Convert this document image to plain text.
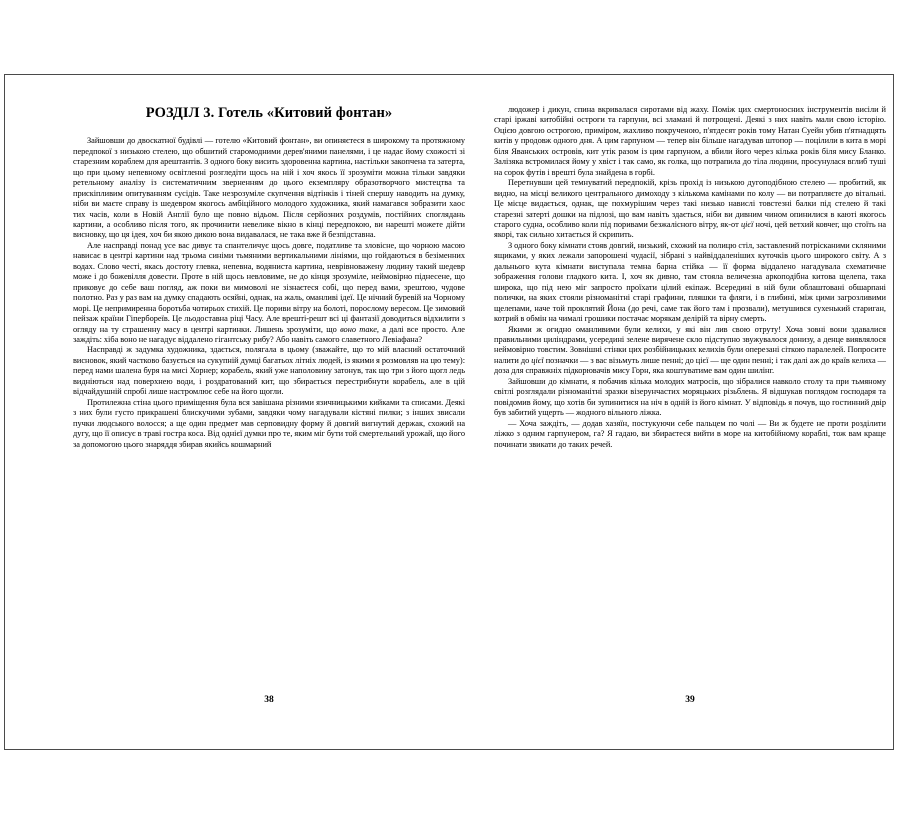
РОЗДІЛ 3. Готель «Китовий фонтан»

Зайшовши до двоскатної будівлі — готелю «Китовий фонтан», ви опиняєтеся в широкому та протяжному передпокої з низькою стелею, що обшитий старомодними дерев'яними панелями, і це надає йому схожості зі старезним кораблем для арештантів. З одного боку висить здоровенна картина, настільки закопчена та затерта, що при цьому непевному освітленні розгледіти щось на ній і хоч якось її зрозуміти можна тільки завдяки ретельному аналізу із систематичним зверненням до цього екземпляру образотворчого мистецтва та прискіпливим опитуванням сусідів. Таке незрозуміле скупчення відтінків і тіней спершу наводить на думку, ніби ви маєте справу із шедевром якогось амбіційного молодого художника, який намагався зобразити хаос тих часів, коли в Новій Англії було ще повно відьом. Після серйозних роздумів, постійних споглядань картини, а особливо після того, як прочинити невелике вікно в кінці передпокою, ви нарешті можете дійти висновку, що ця ідея, хоч би якою дикою вона видавалася, не така вже й безпідставна.

Але насправді понад усе вас дивує та спантеличує щось довге, податливе та зловісне, що чорною масою нависає в центрі картини над трьома синіми тьмяними вертикальними лініями, що гойдаються в безіменних водах. Слово честі, якась достоту глевка, непевна, водяниста картина, неврівноважену людину такий шедевр може і до божевілля довести. Проте в ній щось невловиме, не до кінця зрозуміле, неймовірно піднесене, що приковує до себе ваш погляд, аж поки ви мимоволі не зізнаєтеся собі, що перед вами, зрештою, чудове полотно. Раз у раз вам на думку спадають осяйні, однак, на жаль, оманливі ідеї. Це нічний буревій на Чорному морі. Це непримиренна боротьба чотирьох стихій. Це пориви вітру на болоті, порослому вересом. Це зимовий пейзаж країни Гіпербореїв. Це льодоставна ріці Часу. Але врешті-решт всі ці фантазії доводиться відхилити з огляду на ту страшенну масу в центрі картинки. Лишень зрозуміти, що воно таке, а далі все просто. Але заждіть: хіба воно не нагадує віддалено гігантську рибу? Або навіть самого славетного Левіафана?

Насправді ж задумка художника, здається, полягала в цьому (зважайте, що то мій власний остаточний висновок, який частково базується на сукупній думці багатьох літніх людей, із якими я розмовляв на цю тему): перед нами шалена буря на мисі Хорнер; корабель, який уже наполовину затонув, так що три з його щогл ледь видніються над поверхнею води, і роздратований кит, що збирається перестрибнути корабель, але в цій відчайдушній спробі лише настромлює себе на його щогли.

Протилежна стіна цього приміщення була вся завішана різними язичницькими кийками та списами. Деякі з них були густо прикрашені блискучими зубами, завдяки чому нагадували кістяні пилки; з інших звисали пучки людського волосся; а ще один предмет мав серповидну форму й довгий вигнутий держак, схожий на дугу, що її описує в траві гостра коса. Від однієї думки про те, яким міг бути той смертельний урожай, що його за допомогою цього знаряддя збирав якийсь кошмарний

38

людожер і дикун, спина вкривалася сиротами від жаху. Поміж цих смертоносних інструментів висіли й старі іржаві китобійні остроги та гарпуни, всі зламані й потрощені. Деякі з них навіть мали свою історію. Оцією довгою острогою, приміром, жахливо покрученою, п'ятдесят років тому Натан Суейн убив п'ятнадцять китів у продовж одного дня. А цим гарпуном — тепер він більше нагадував штопор — поцілили в кита в морі біля Яванських островів, кит утік разом із цим гарпуном, а вбили його через кілька років біля мису Бланко. Залізяка встромилася йому у хвіст і так само, як голка, що потрапила до тіла людини, просунулася вглиб туші на сорок футів і врешті була знайдена в горбі.

Перетнувши цей темнуватий передпокій, крізь прохід із низькою дугоподібною стелею — пробитий, як видно, на місці великого центрального димоходу з кількома камінами по колу — ви потрапляєте до вітальні. Це місце видається, однак, ще похмурішим через такі низько навислі товстезні балки під стелею й такі старезні затерті дошки на підлозі, що вам навіть здається, ніби ви дивним чином опинилися в каюті якогось старого судна, особливо коли під поривами безжалісного вітру, як-от цієї ночі, цей ветхий ковчег, що стоїть на якорі, так сильно хитається й скрипить.

З одного боку кімнати стояв довгий, низький, схожий на полицю стіл, заставлений потрісканими скляними ящиками, у яких лежали запорошені чудасії, зібрані з найвіддаленіших куточків цього широкого світу. А з дальнього кута кімнати виступала темна барна стійка — її форма віддалено нагадувала схематичне зображення голови гладкого кита. І, хоч як дивно, там стояла величезна аркоподібна китова щелепа, така широка, що під нею міг запросто проїхати цілий екіпаж. Всередині в ній були облаштовані обшарпані полички, на яких стояли різноманітні старі графини, пляшки та фляги, і в глибині, між цими загрозливими щелепами, наче той проклятий Йона (до речі, саме так його там і прозвали), метушився сухенький стариган, котрий в обмін на чималі грошики постачає морякам делірій та вірну смерть.

Якими ж огидно оманливими були келихи, у які він лив свою отруту! Хоча зовні вони здавалися правильними циліндрами, усередині зелене вирячене скло підступно звужувалося донизу, а денце виявлялося неймовірно товстим. Зовнішні стінки цих розбійницьких келихів були оперезані сіткою паралелей. Попросите налити до цієї позначки — з вас візьмуть лише пенні; до цієї — ще один пенні; і так далі аж до країв келиха — доза для справжніх підкорювачів мису Горн, яка коштуватиме вам один шилінг.

Зайшовши до кімнати, я побачив кілька молодих матросів, що зібралися навколо столу та при тьмяному світлі розглядали різноманітні зразки візерунчастих моряцьких різьблень. Я відшукав поглядом господаря та повідомив йому, що хотів би зупинитися на ніч в одній із його кімнат. У відповідь я почув, що гостинний двір був забитий ущерть — жодного вільного ліжка.

— Хоча заждіть, — додав хазяїн, постукуючи себе пальцем по чолі — Ви ж будете не проти розділити ліжко з одним гарпунером, га? Я гадаю, ви збираєтеся вийти в море на китобійному кораблі, тож вам краще починати звикати до таких речей.

39
